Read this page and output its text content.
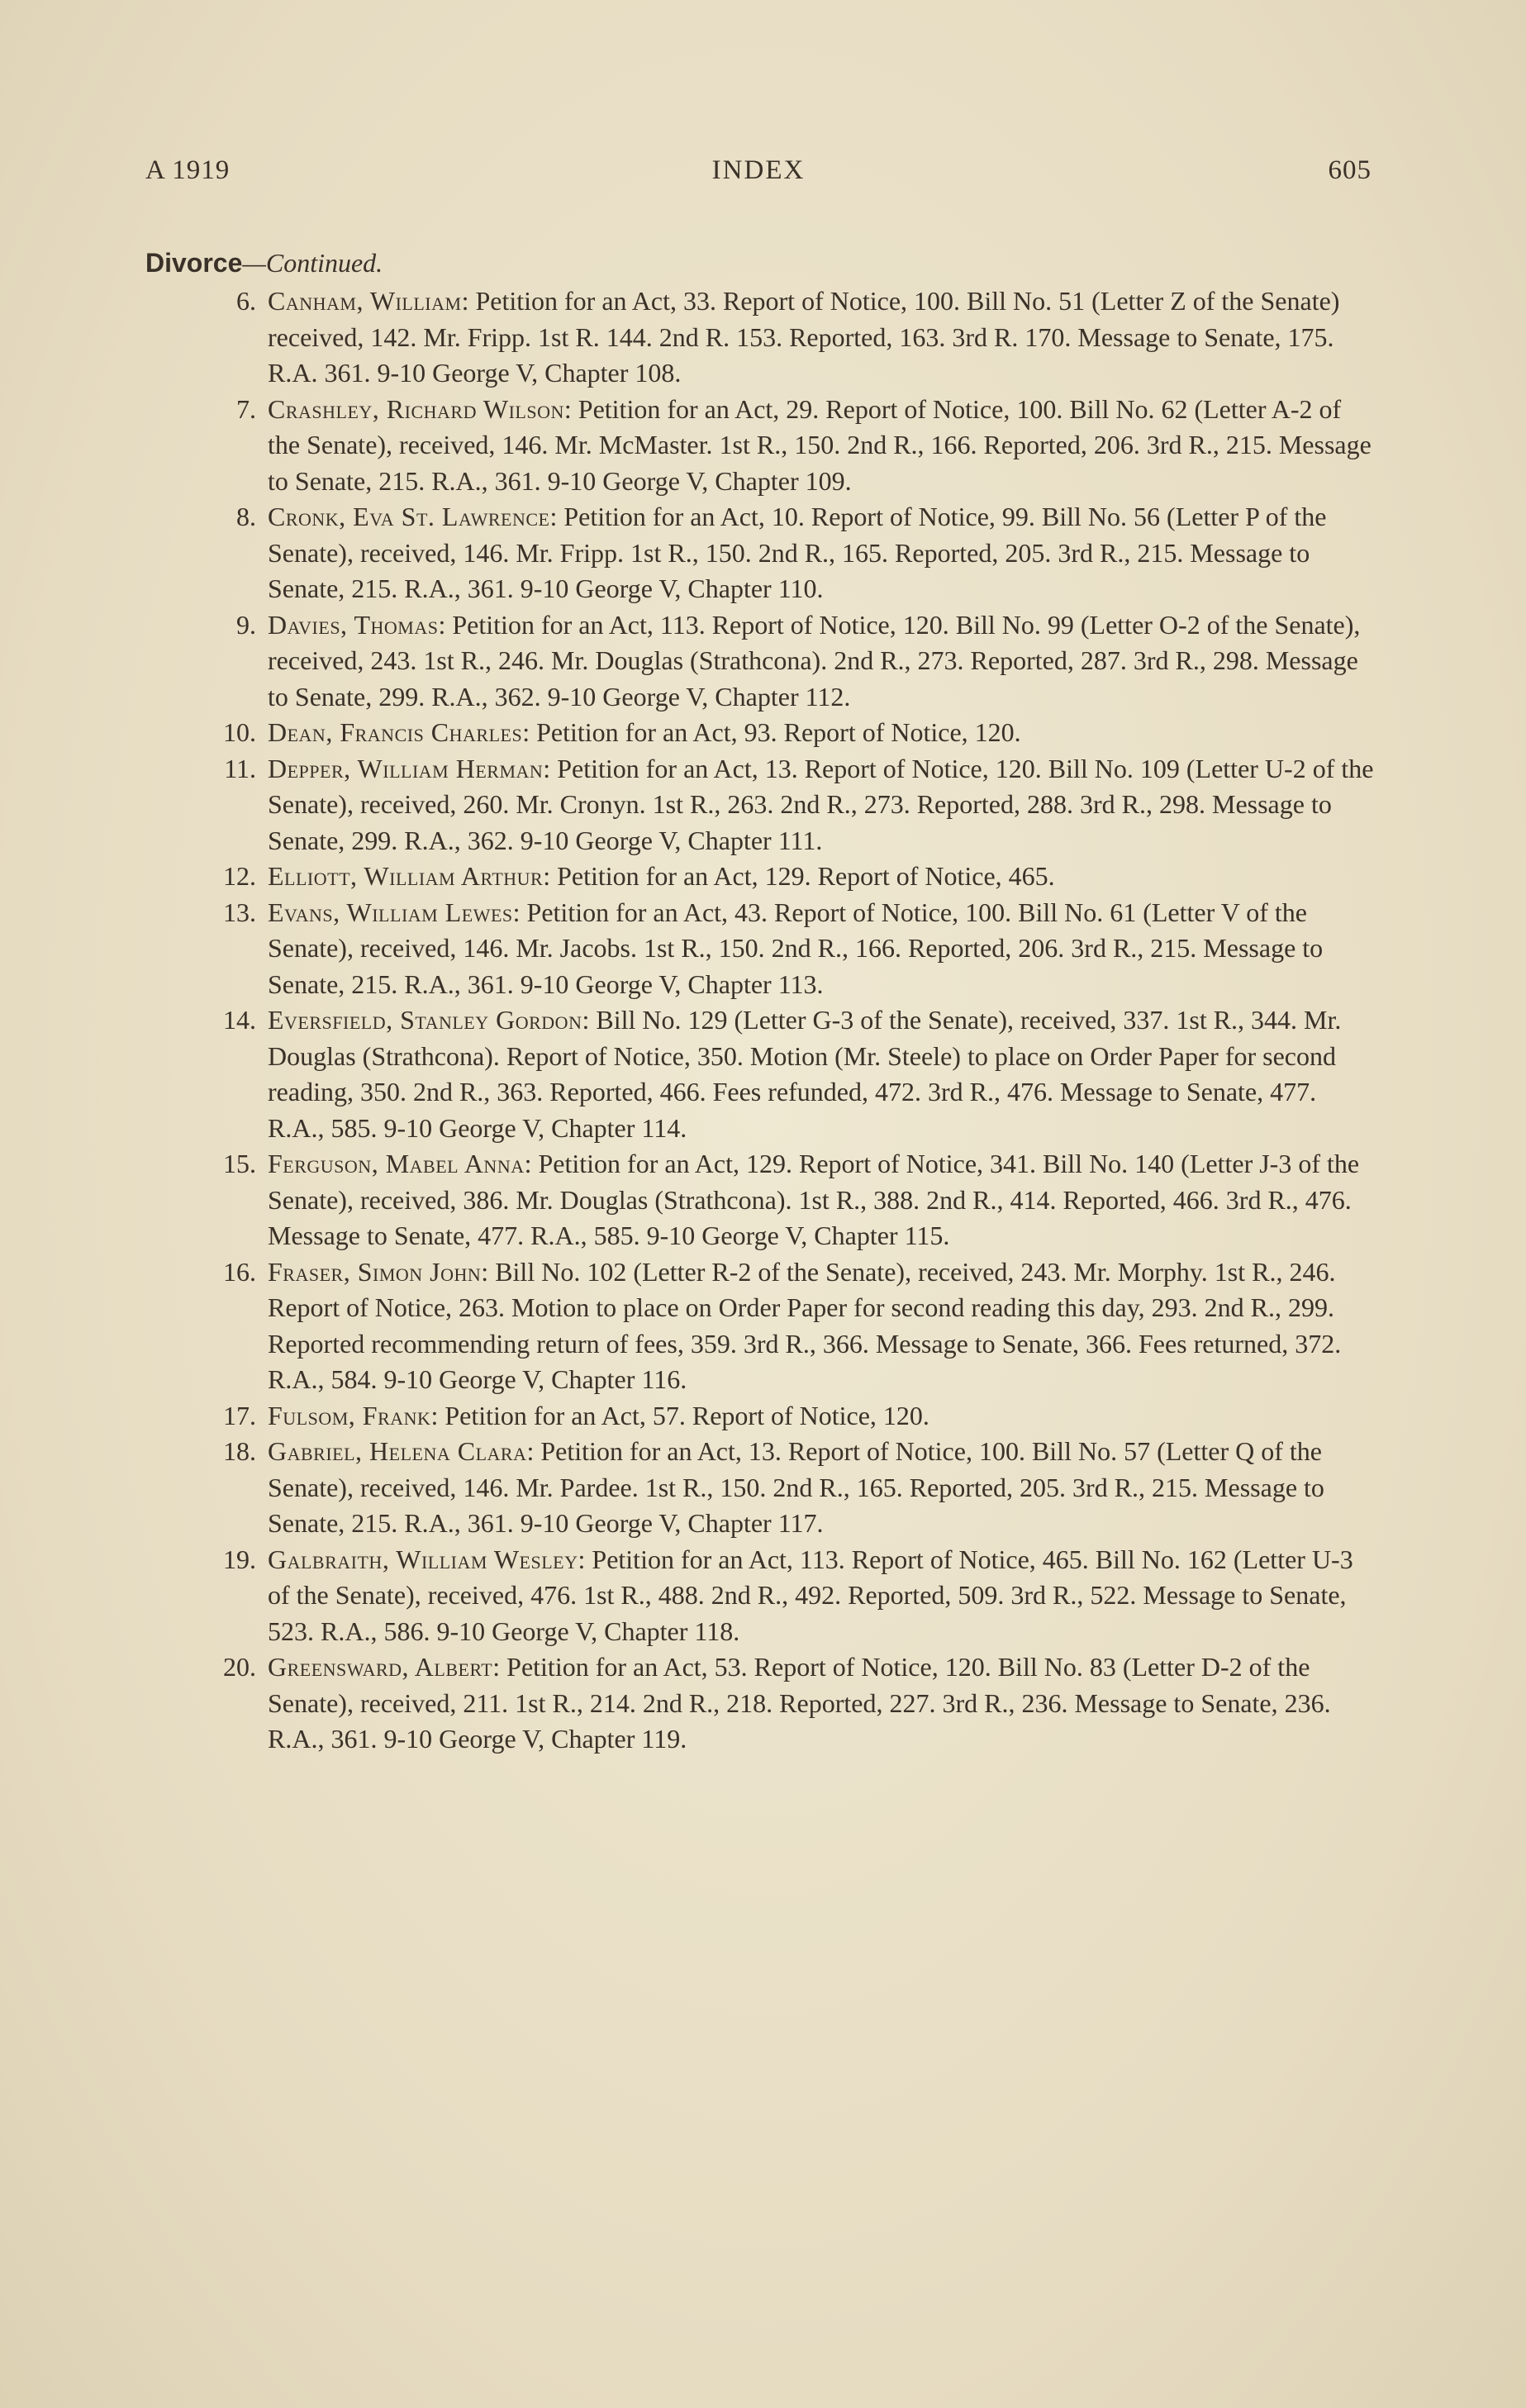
A 1919	INDEX	605
Divorce—Continued.

6. Canham, William: Petition for an Act, 33. Report of Notice, 100. Bill No. 51 (Letter Z of the Senate) received, 142. Mr. Fripp. 1st R. 144. 2nd R. 153. Reported, 163. 3rd R. 170. Message to Senate, 175. R.A. 361. 9-10 George V, Chapter 108.

7. Crashley, Richard Wilson: Petition for an Act, 29. Report of Notice, 100. Bill No. 62 (Letter A-2 of the Senate), received, 146. Mr. McMaster. 1st R., 150. 2nd R., 166. Reported, 206. 3rd R., 215. Message to Senate, 215. R.A., 361. 9-10 George V, Chapter 109.

8. Cronk, Eva St. Lawrence: Petition for an Act, 10. Report of Notice, 99. Bill No. 56 (Letter P of the Senate), received, 146. Mr. Fripp. 1st R., 150. 2nd R., 165. Reported, 205. 3rd R., 215. Message to Senate, 215. R.A., 361. 9-10 George V, Chapter 110.

9. Davies, Thomas: Petition for an Act, 113. Report of Notice, 120. Bill No. 99 (Letter O-2 of the Senate), received, 243. 1st R., 246. Mr. Douglas (Strathcona). 2nd R., 273. Reported, 287. 3rd R., 298. Message to Senate, 299. R.A., 362. 9-10 George V, Chapter 112.

10. Dean, Francis Charles: Petition for an Act, 93. Report of Notice, 120.

11. Depper, William Herman: Petition for an Act, 13. Report of Notice, 120. Bill No. 109 (Letter U-2 of the Senate), received, 260. Mr. Cronyn. 1st R., 263. 2nd R., 273. Reported, 288. 3rd R., 298. Message to Senate, 299. R.A., 362. 9-10 George V, Chapter 111.

12. Elliott, William Arthur: Petition for an Act, 129. Report of Notice, 465.

13. Evans, William Lewes: Petition for an Act, 43. Report of Notice, 100. Bill No. 61 (Letter V of the Senate), received, 146. Mr. Jacobs. 1st R., 150. 2nd R., 166. Reported, 206. 3rd R., 215. Message to Senate, 215. R.A., 361. 9-10 George V, Chapter 113.

14. Eversfield, Stanley Gordon: Bill No. 129 (Letter G-3 of the Senate), received, 337. 1st R., 344. Mr. Douglas (Strathcona). Report of Notice, 350. Motion (Mr. Steele) to place on Order Paper for second reading, 350. 2nd R., 363. Reported, 466. Fees refunded, 472. 3rd R., 476. Message to Senate, 477. R.A., 585. 9-10 George V, Chapter 114.

15. Ferguson, Mabel Anna: Petition for an Act, 129. Report of Notice, 341. Bill No. 140 (Letter J-3 of the Senate), received, 386. Mr. Douglas (Strathcona). 1st R., 388. 2nd R., 414. Reported, 466. 3rd R., 476. Message to Senate, 477. R.A., 585. 9-10 George V, Chapter 115.

16. Fraser, Simon John: Bill No. 102 (Letter R-2 of the Senate), received, 243. Mr. Morphy. 1st R., 246. Report of Notice, 263. Motion to place on Order Paper for second reading this day, 293. 2nd R., 299. Reported recommending return of fees, 359. 3rd R., 366. Message to Senate, 366. Fees returned, 372. R.A., 584. 9-10 George V, Chapter 116.

17. Fulsom, Frank: Petition for an Act, 57. Report of Notice, 120.

18. Gabriel, Helena Clara: Petition for an Act, 13. Report of Notice, 100. Bill No. 57 (Letter Q of the Senate), received, 146. Mr. Pardee. 1st R., 150. 2nd R., 165. Reported, 205. 3rd R., 215. Message to Senate, 215. R.A., 361. 9-10 George V, Chapter 117.

19. Galbraith, William Wesley: Petition for an Act, 113. Report of Notice, 465. Bill No. 162 (Letter U-3 of the Senate), received, 476. 1st R., 488. 2nd R., 492. Reported, 509. 3rd R., 522. Message to Senate, 523. R.A., 586. 9-10 George V, Chapter 118.

20. Greensward, Albert: Petition for an Act, 53. Report of Notice, 120. Bill No. 83 (Letter D-2 of the Senate), received, 211. 1st R., 214. 2nd R., 218. Reported, 227. 3rd R., 236. Message to Senate, 236. R.A., 361. 9-10 George V, Chapter 119.
